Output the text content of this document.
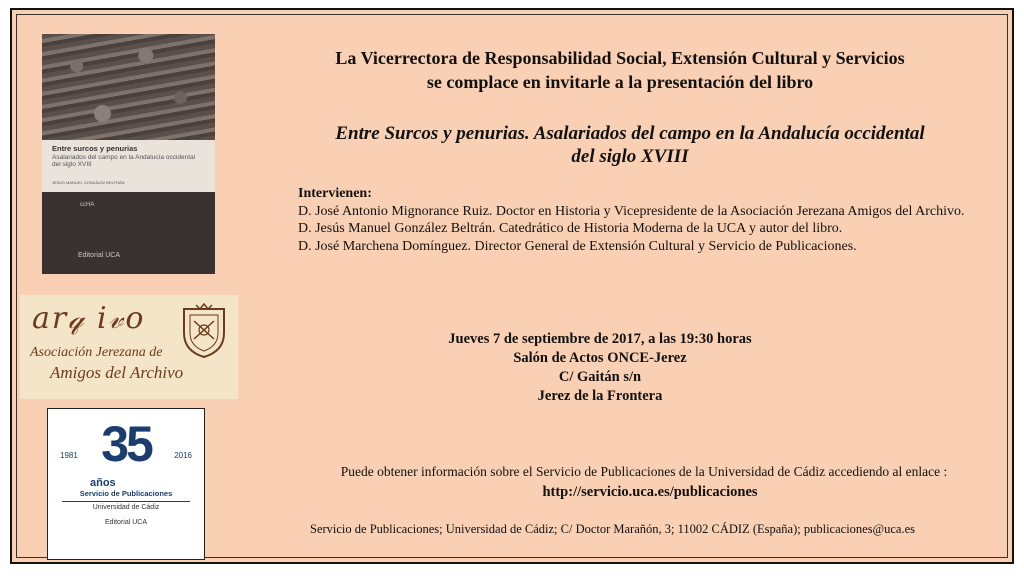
Entre surcos y penurias
Asalariados del campo en la Andalucía occidental del siglo XVIII
JESÚS MANUEL GONZÁLEZ BELTRÁN
ccHA
Editorial UCA
ar𝓆 i𝓋o
Asociación Jerezana de
Amigos del Archivo
35
1981	2016
años
Servicio de Publicaciones
Universidad de Cádiz
Editorial UCA
La Vicerrectora de Responsabilidad Social, Extensión Cultural y Servicios
se complace en invitarle a la presentación del libro
Entre Surcos y penurias. Asalariados del campo en la Andalucía occidental
del siglo XVIII
Intervienen:
D. José Antonio Mignorance Ruiz. Doctor en Historia y Vicepresidente de la Asociación Jerezana Amigos del Archivo.
D. Jesús Manuel González Beltrán. Catedrático de Historia Moderna de la UCA y autor del libro.
D. José Marchena Domínguez. Director General de Extensión Cultural y Servicio de Publicaciones.
Jueves 7 de septiembre de 2017, a las 19:30 horas
Salón de Actos ONCE-Jerez
C/ Gaitán s/n
Jerez de la Frontera
Puede obtener información sobre el Servicio de Publicaciones de la Universidad de Cádiz accediendo al enlace :
http://servicio.uca.es/publicaciones
Servicio de Publicaciones; Universidad de Cádiz; C/ Doctor Marañón, 3; 11002 CÁDIZ (España); publicaciones@uca.es
